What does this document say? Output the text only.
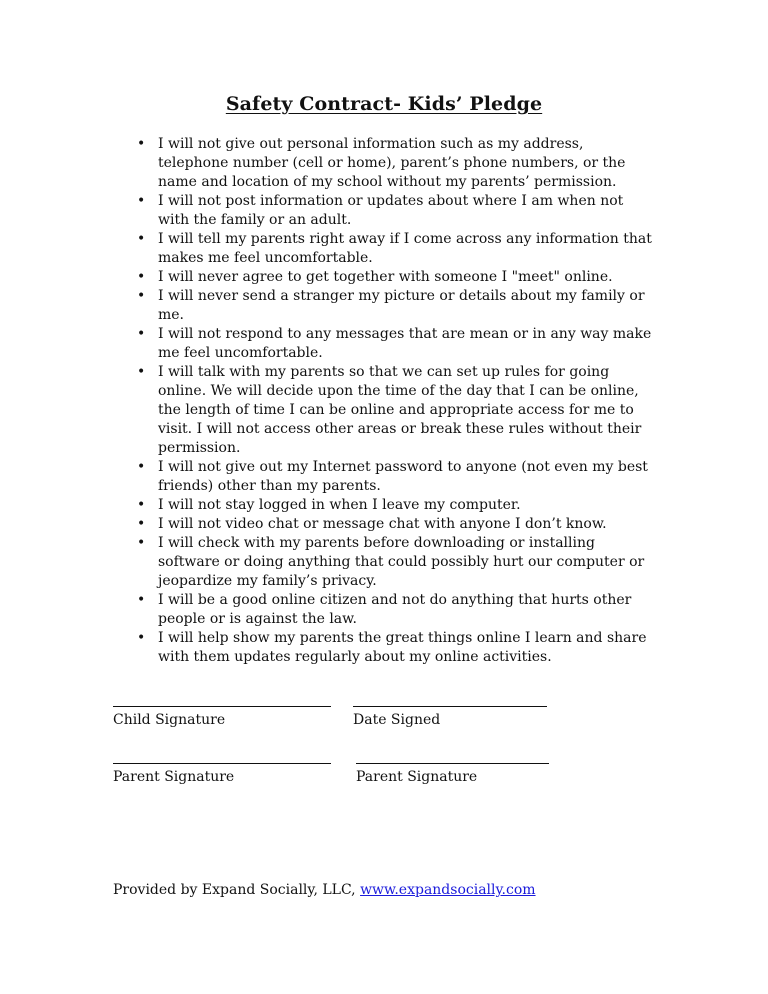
Safety Contract- Kids’ Pledge
• I will not give out personal information such as my address, telephone number (cell or home), parent’s phone numbers, or the name and location of my school without my parents’ permission.
• I will not post information or updates about where I am when not with the family or an adult.
• I will tell my parents right away if I come across any information that makes me feel uncomfortable.
• I will never agree to get together with someone I "meet" online.
• I will never send a stranger my picture or details about my family or me.
• I will not respond to any messages that are mean or in any way make me feel uncomfortable.
• I will talk with my parents so that we can set up rules for going online. We will decide upon the time of the day that I can be online, the length of time I can be online and appropriate access for me to visit. I will not access other areas or break these rules without their permission.
• I will not give out my Internet password to anyone (not even my best friends) other than my parents.
• I will not stay logged in when I leave my computer.
• I will not video chat or message chat with anyone I don’t know.
• I will check with my parents before downloading or installing software or doing anything that could possibly hurt our computer or jeopardize my family’s privacy.
• I will be a good online citizen and not do anything that hurts other people or is against the law.
• I will help show my parents the great things online I learn and share with them updates regularly about my online activities.
Child Signature	Date Signed
Parent Signature	Parent Signature
Provided by Expand Socially, LLC, www.expandsocially.com
